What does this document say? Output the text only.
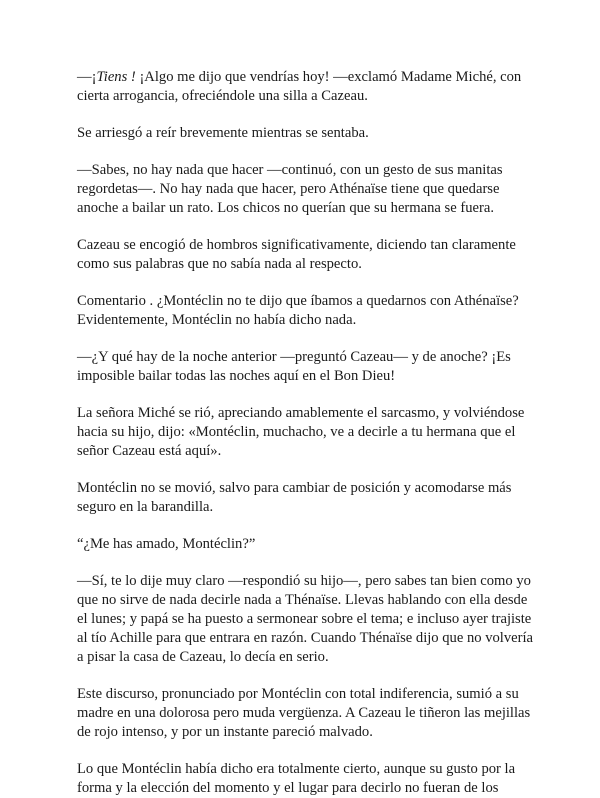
—¡Tiens ! ¡Algo me dijo que vendrías hoy! —exclamó Madame Miché, con cierta arrogancia, ofreciéndole una silla a Cazeau.

Se arriesgó a reír brevemente mientras se sentaba.

—Sabes, no hay nada que hacer —continuó, con un gesto de sus manitas regordetas—. No hay nada que hacer, pero Athénaïse tiene que quedarse anoche a bailar un rato. Los chicos no querían que su hermana se fuera.

Cazeau se encogió de hombros significativamente, diciendo tan claramente como sus palabras que no sabía nada al respecto.

Comentario . ¿Montéclin no te dijo que íbamos a quedarnos con Athénaïse? Evidentemente, Montéclin no había dicho nada.

—¿Y qué hay de la noche anterior —preguntó Cazeau— y de anoche? ¡Es imposible bailar todas las noches aquí en el Bon Dieu!

La señora Miché se rió, apreciando amablemente el sarcasmo, y volviéndose hacia su hijo, dijo: «Montéclin, muchacho, ve a decirle a tu hermana que el señor Cazeau está aquí».

Montéclin no se movió, salvo para cambiar de posición y acomodarse más seguro en la barandilla.

“¿Me has amado, Montéclin?”

—Sí, te lo dije muy claro —respondió su hijo—, pero sabes tan bien como yo que no sirve de nada decirle nada a Thénaïse. Llevas hablando con ella desde el lunes; y papá se ha puesto a sermonear sobre el tema; e incluso ayer trajiste al tío Achille para que entrara en razón. Cuando Thénaïse dijo que no volvería a pisar la casa de Cazeau, lo decía en serio.

Este discurso, pronunciado por Montéclin con total indiferencia, sumió a su madre en una dolorosa pero muda vergüenza. A Cazeau le tiñeron las mejillas de rojo intenso, y por un instante pareció malvado.

Lo que Montéclin había dicho era totalmente cierto, aunque su gusto por la forma y la elección del momento y el lugar para decirlo no fueran de los
